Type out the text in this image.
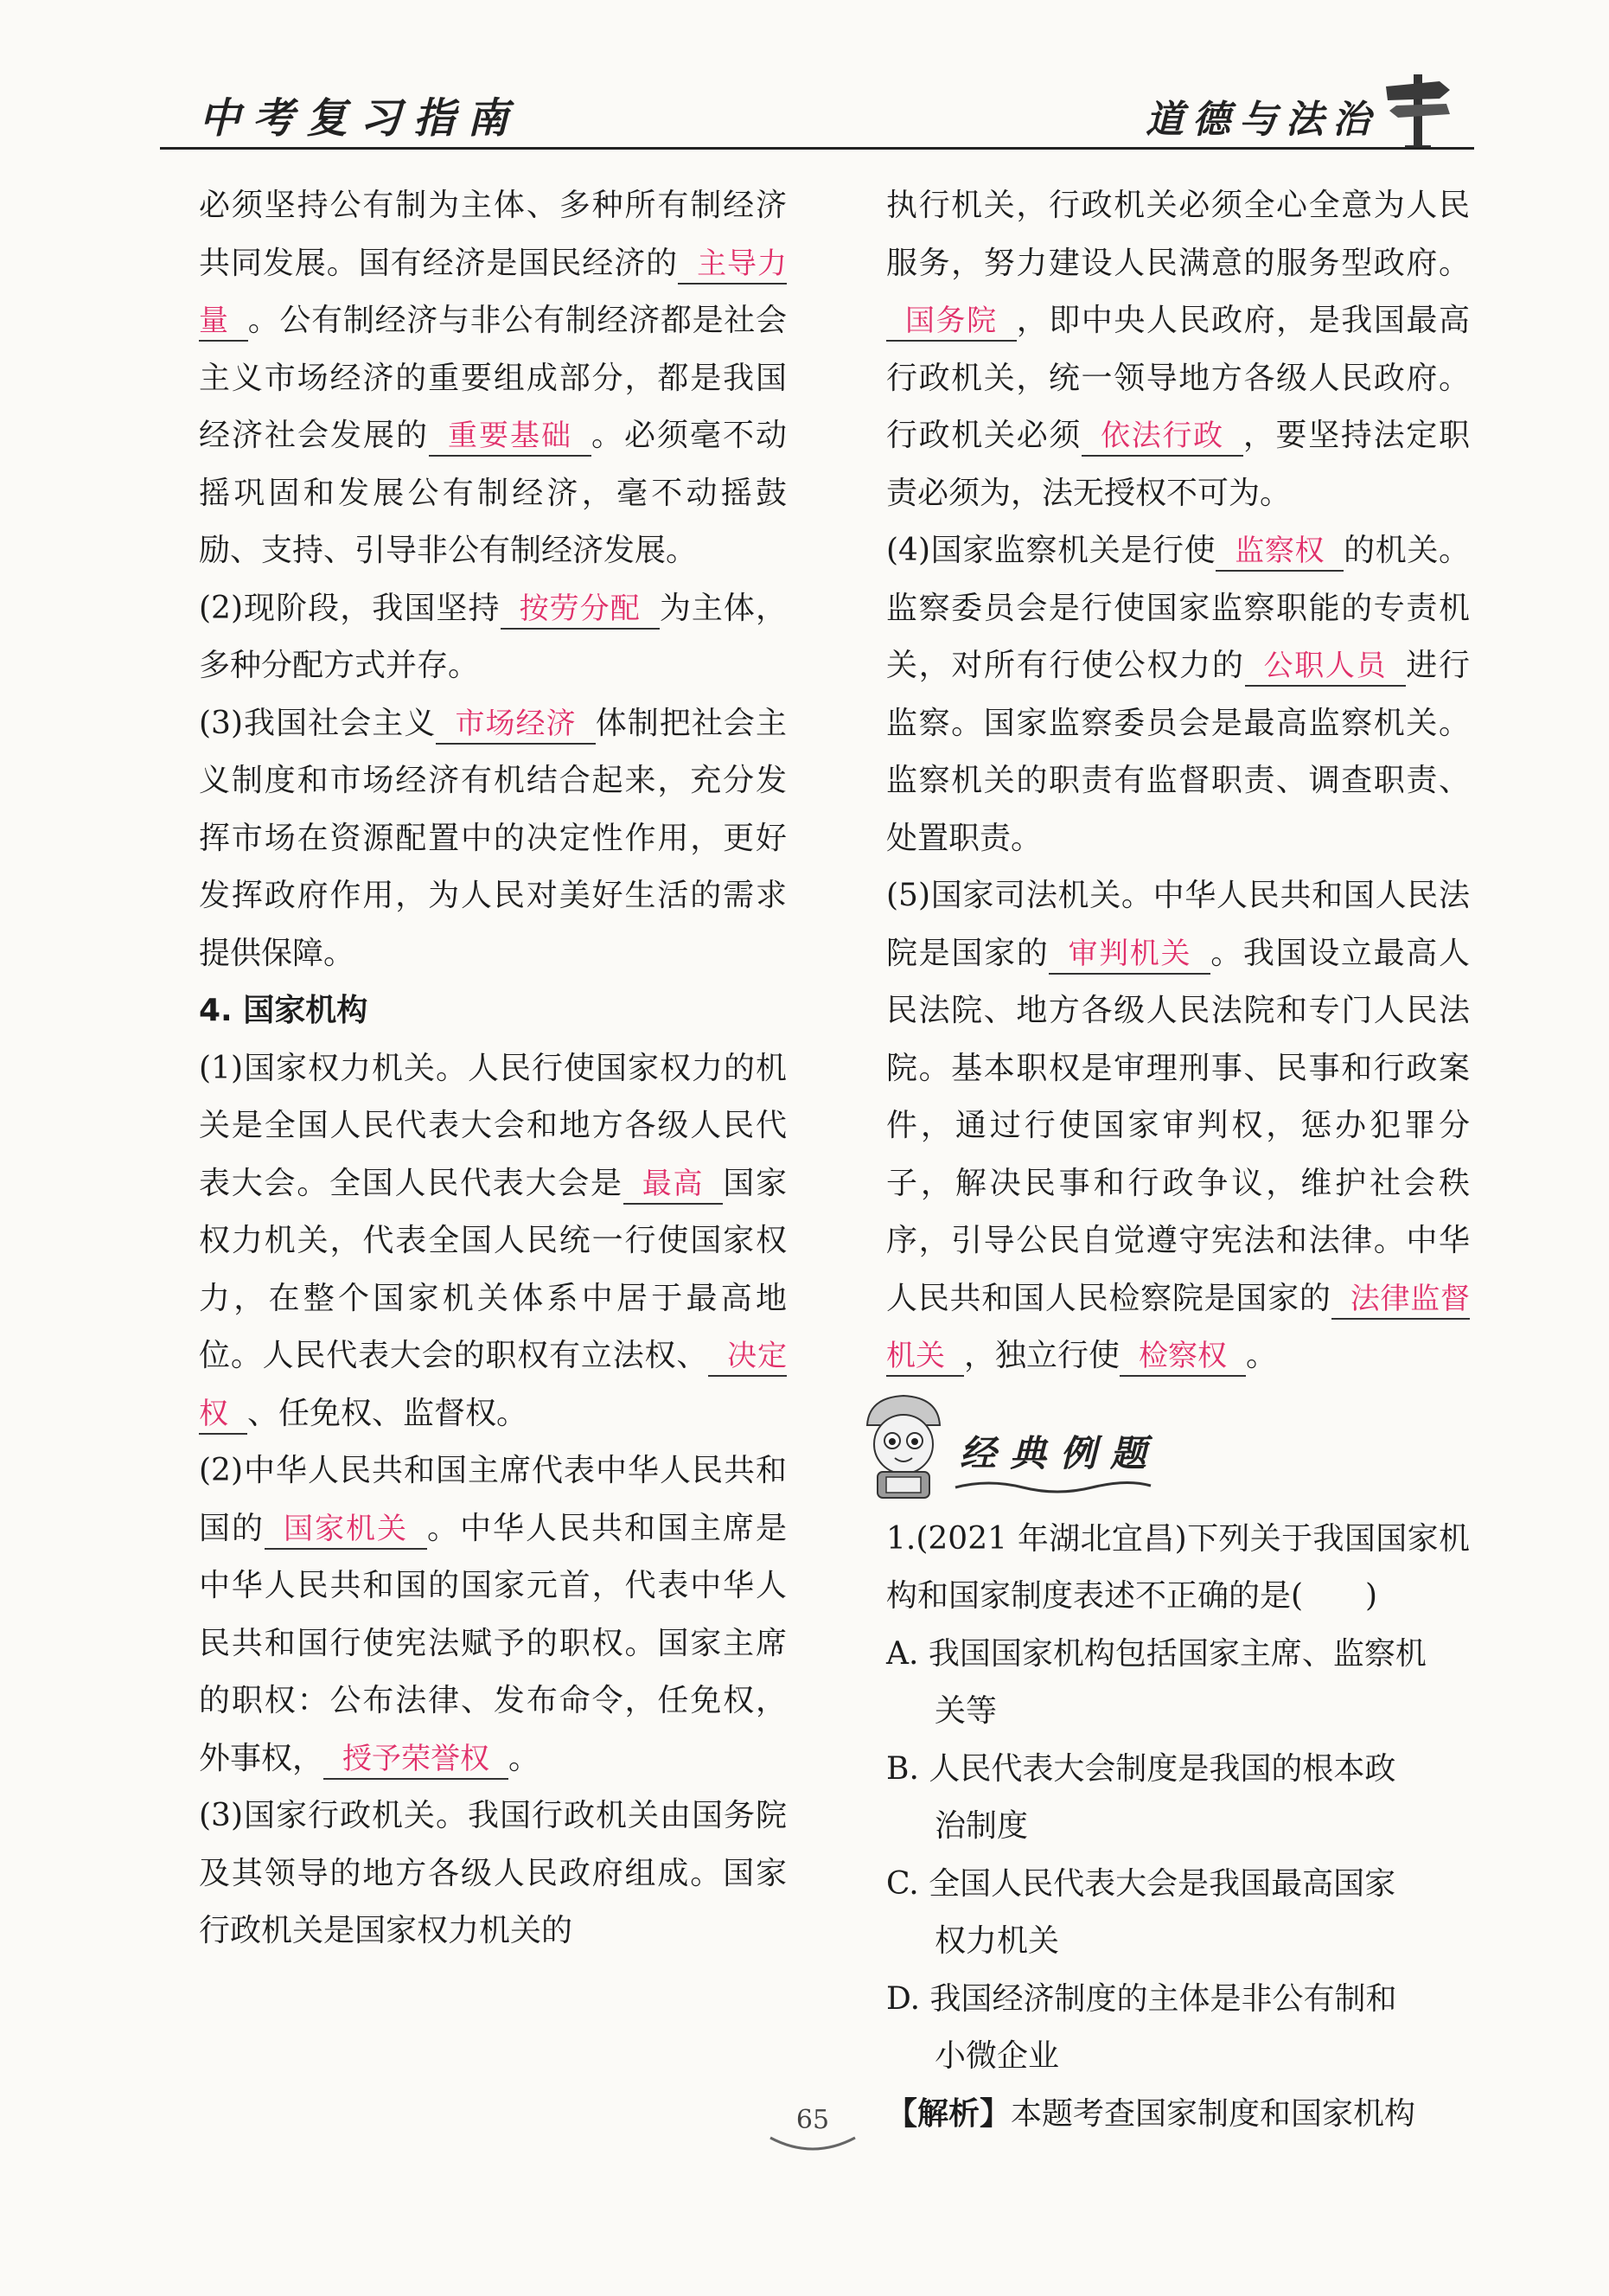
中考复习指南	道德与法治

必须坚持公有制为主体、多种所有制经济共同发展。国有经济是国民经济的 主导力量 。公有制经济与非公有制经济都是社会主义市场经济的重要组成部分，都是我国经济社会发展的 重要基础 。必须毫不动摇巩固和发展公有制经济，毫不动摇鼓励、支持、引导非公有制经济发展。

(2)现阶段，我国坚持 按劳分配 为主体，多种分配方式并存。

(3)我国社会主义 市场经济 体制把社会主义制度和市场经济有机结合起来，充分发挥市场在资源配置中的决定性作用，更好发挥政府作用，为人民对美好生活的需求提供保障。

4. 国家机构

(1)国家权力机关。人民行使国家权力的机关是全国人民代表大会和地方各级人民代表大会。全国人民代表大会是 最高 国家权力机关，代表全国人民统一行使国家权力，在整个国家机关体系中居于最高地位。人民代表大会的职权有立法权、 决定权 、任免权、监督权。

(2)中华人民共和国主席代表中华人民共和国的 国家机关 。中华人民共和国主席是中华人民共和国的国家元首，代表中华人民共和国行使宪法赋予的职权。国家主席的职权：公布法律、发布命令，任免权，外事权， 授予荣誉权 。

(3)国家行政机关。我国行政机关由国务院及其领导的地方各级人民政府组成。国家行政机关是国家权力机关的

执行机关，行政机关必须全心全意为人民服务，努力建设人民满意的服务型政府。国务院 ，即中央人民政府，是我国最高行政机关，统一领导地方各级人民政府。行政机关必须 依法行政 ，要坚持法定职责必须为，法无授权不可为。

(4)国家监察机关是行使 监察权 的机关。监察委员会是行使国家监察职能的专责机关，对所有行使公权力的 公职人员 进行监察。国家监察委员会是最高监察机关。监察机关的职责有监督职责、调查职责、处置职责。

(5)国家司法机关。中华人民共和国人民法院是国家的 审判机关 。我国设立最高人民法院、地方各级人民法院和专门人民法院。基本职权是审理刑事、民事和行政案件，通过行使国家审判权，惩办犯罪分子，解决民事和行政争议，维护社会秩序，引导公民自觉遵守宪法和法律。中华人民共和国人民检察院是国家的 法律监督机关 ，独立行使 检察权 。

经典例题

1.(2021 年湖北宜昌)下列关于我国国家机构和国家制度表述不正确的是(　　)

A. 我国国家机构包括国家主席、监察机

关等

B. 人民代表大会制度是我国的根本政

治制度

C. 全国人民代表大会是我国最高国家

权力机关

D. 我国经济制度的主体是非公有制和

小微企业

【解析】本题考查国家制度和国家机构

65
